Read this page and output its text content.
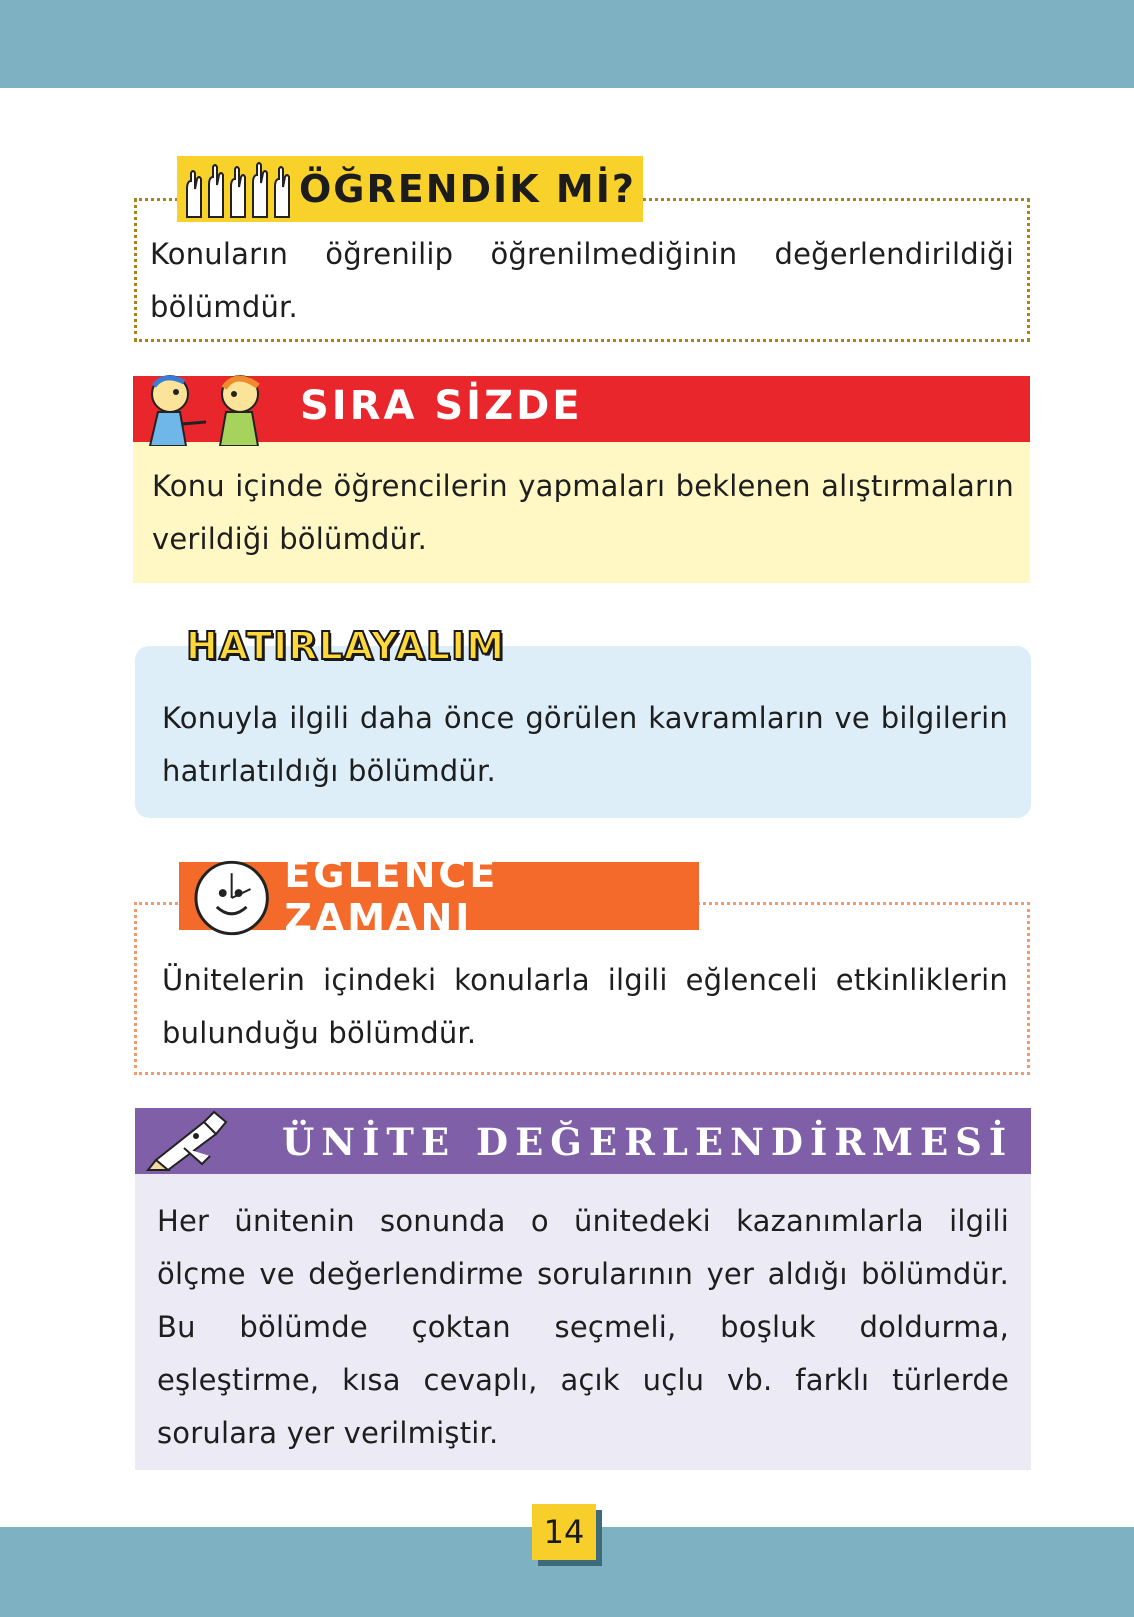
ÖĞRENDİK Mİ?

Konuların öğrenilip öğrenilmediğinin değerlendirildiği bölümdür.

SIRA SİZDE

Konu içinde öğrencilerin yapmaları beklenen alıştırmaların verildiği bölümdür.

HATIRLAYALIM

Konuyla ilgili daha önce görülen kavramların ve bilgilerin hatırlatıldığı bölümdür.

EĞLENCE ZAMANI

Ünitelerin içindeki konularla ilgili eğlenceli etkinliklerin bulunduğu bölümdür.

ÜNİTE DEĞERLENDİRMESİ

Her ünitenin sonunda o ünitedeki kazanımlarla ilgili ölçme ve değerlendirme sorularının yer aldığı bölümdür. Bu bölümde çoktan seçmeli, boşluk doldurma, eşleştirme, kısa cevaplı, açık uçlu vb. farklı türlerde sorulara yer verilmiştir.

14
